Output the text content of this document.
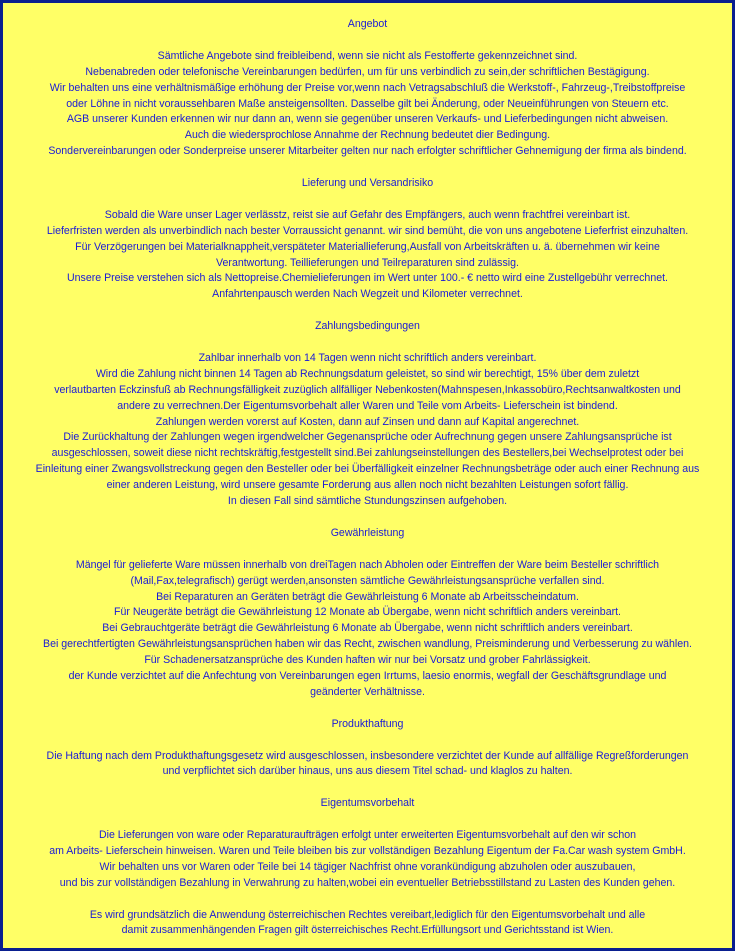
Angebot
Sämtliche Angebote sind freibleibend, wenn sie nicht als Festofferte gekennzeichnet sind.
Nebenabreden oder telefonische Vereinbarungen bedürfen, um für uns verbindlich zu sein,der schriftlichen Bestägigung.
Wir behalten uns eine verhältnismäßige erhöhung der Preise vor,wenn nach Vetragsabschluß die Werkstoff-, Fahrzeug-,Treibstoffpreise
oder Löhne in nicht voraussehbaren Maße ansteigensollten. Dasselbe gilt bei Änderung, oder Neueinführungen von Steuern etc.
AGB unserer Kunden erkennen wir nur dann an, wenn sie gegenüber unseren Verkaufs- und Lieferbedingungen nicht abweisen.
Auch die wiedersprochlose Annahme der Rechnung bedeutet dier Bedingung.
Sondervereinbarungen oder Sonderpreise unserer Mitarbeiter gelten nur nach erfolgter schriftlicher Gehnemigung der firma als bindend.
Lieferung und Versandrisiko
Sobald die Ware unser Lager verlässtz, reist sie auf Gefahr des Empfängers, auch wenn frachtfrei vereinbart ist.
Lieferfristen werden als unverbindlich nach bester Vorraussicht genannt. wir sind bemüht, die von uns angebotene Lieferfrist einzuhalten.
Für Verzögerungen bei Materialknappheit,verspäteter Materiallieferung,Ausfall von Arbeitskräften u. ä. übernehmen wir keine
Verantwortung. Teillieferungen und Teilreparaturen sind zulässig.
Unsere Preise verstehen sich als Nettopreise.Chemielieferungen im Wert unter 100.- € netto wird eine Zustellgebühr verrechnet.
Anfahrtenpausch werden Nach Wegzeit und Kilometer verrechnet.
Zahlungsbedingungen
Zahlbar innerhalb von 14 Tagen wenn nicht schriftlich anders vereinbart.
Wird die Zahlung nicht binnen 14 Tagen ab Rechnungsdatum geleistet, so sind wir berechtigt, 15% über dem zuletzt
verlautbarten Eckzinsfuß ab Rechnungsfälligkeit zuzüglich allfälliger Nebenkosten(Mahnspesen,Inkassobüro,Rechtsanwaltkosten und
andere zu verrechnen.Der Eigentumsvorbehalt aller Waren und Teile vom Arbeits- Lieferschein ist bindend.
Zahlungen werden vorerst auf Kosten, dann auf Zinsen und dann auf Kapital angerechnet.
Die Zurückhaltung der Zahlungen wegen irgendwelcher Gegenansprüche oder Aufrechnung gegen unsere Zahlungsansprüche ist
ausgeschlossen, soweit diese nicht rechtskräftig,festgestellt sind.Bei zahlungseinstellungen des Bestellers,bei Wechselprotest oder bei
Einleitung einer Zwangsvollstreckung gegen den Besteller oder bei Überfälligkeit einzelner Rechnungsbeträge oder auch einer Rechnung aus
einer anderen Leistung, wird unsere gesamte Forderung aus allen noch nicht bezahlten Leistungen sofort fällig.
In diesen Fall sind sämtliche Stundungszinsen aufgehoben.
Gewährleistung
Mängel für gelieferte Ware müssen innerhalb von dreiTagen nach Abholen oder Eintreffen der Ware beim Besteller schriftlich
(Mail,Fax,telegrafisch) gerügt werden,ansonsten sämtliche Gewährleistungsansprüche verfallen sind.
Bei Reparaturen an Geräten beträgt die Gewährleistung 6 Monate ab Arbeitsscheindatum.
Für Neugeräte beträgt die Gewährleistung 12 Monate ab Übergabe, wenn nicht schriftlich anders vereinbart.
Bei Gebrauchtgeräte beträgt die Gewährleistung 6 Monate ab Übergabe, wenn nicht schriftlich anders vereinbart.
Bei gerechtfertigten Gewährleistungsansprüchen haben wir das Recht, zwischen wandlung, Preisminderung und Verbesserung zu wählen.
Für Schadenersatzansprüche des Kunden haften wir nur bei Vorsatz und grober Fahrlässigkeit.
der Kunde verzichtet auf die Anfechtung von Vereinbarungen egen Irrtums, laesio enormis, wegfall der Geschäftsgrundlage und
geänderter Verhältnisse.
Produkthaftung
Die Haftung nach dem Produkthaftungsgesetz wird ausgeschlossen, insbesondere verzichtet der Kunde auf allfällige Regreßforderungen
und verpflichtet sich darüber hinaus, uns aus diesem Titel schad- und klaglos zu halten.
Eigentumsvorbehalt
Die Lieferungen von ware oder Reparaturaufträgen erfolgt unter erweiterten Eigentumsvorbehalt auf den wir schon
am Arbeits- Lieferschein hinweisen. Waren und Teile bleiben bis zur vollständigen Bezahlung Eigentum der Fa.Car wash system GmbH.
Wir behalten uns vor Waren oder Teile bei 14 tägiger Nachfrist ohne vorankündigung abzuholen oder auszubauen,
und bis zur vollständigen Bezahlung in Verwahrung zu halten,wobei ein eventueller Betriebsstillstand zu Lasten des Kunden gehen.
Es wird grundsätzlich die Anwendung österreichischen Rechtes vereibart,lediglich für den Eigentumsvorbehalt und alle
damit zusammenhängenden Fragen gilt österreichisches Recht.Erfüllungsort und Gerichtsstand ist Wien.
